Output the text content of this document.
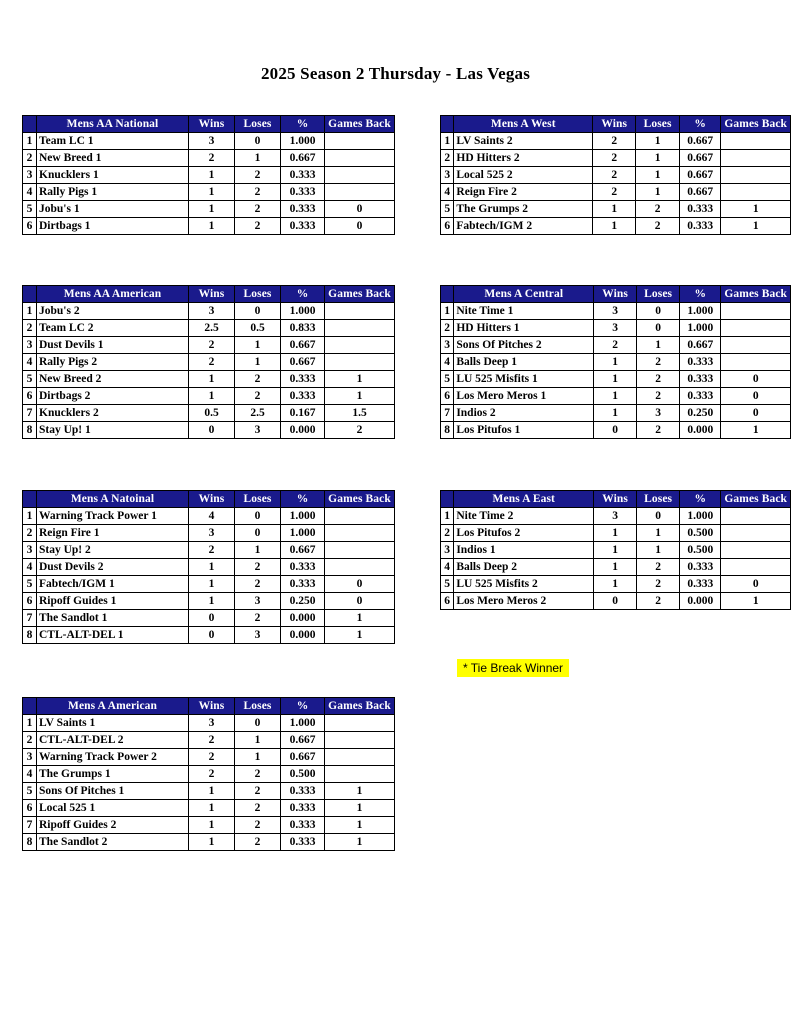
2025 Season 2 Thursday - Las Vegas
	Mens AA National	Wins	Loses	%	Games Back
1	Team LC 1	3	0	1.000	
2	New Breed 1	2	1	0.667	
3	Knucklers 1	1	2	0.333	
4	Rally Pigs 1	1	2	0.333	
5	Jobu's 1	1	2	0.333	0
6	Dirtbags 1	1	2	0.333	0
	Mens AA American	Wins	Loses	%	Games Back
1	Jobu's 2	3	0	1.000	
2	Team LC 2	2.5	0.5	0.833	
3	Dust Devils 1	2	1	0.667	
4	Rally Pigs 2	2	1	0.667	
5	New Breed 2	1	2	0.333	1
6	Dirtbags 2	1	2	0.333	1
7	Knucklers 2	0.5	2.5	0.167	1.5
8	Stay Up! 1	0	3	0.000	2
	Mens A Natoinal	Wins	Loses	%	Games Back
1	Warning Track Power 1	4	0	1.000	
2	Reign Fire 1	3	0	1.000	
3	Stay Up! 2	2	1	0.667	
4	Dust Devils 2	1	2	0.333	
5	Fabtech/IGM 1	1	2	0.333	0
6	Ripoff Guides 1	1	3	0.250	0
7	The Sandlot 1	0	2	0.000	1
8	CTL-ALT-DEL 1	0	3	0.000	1
	Mens A American	Wins	Loses	%	Games Back
1	LV Saints 1	3	0	1.000	
2	CTL-ALT-DEL 2	2	1	0.667	
3	Warning Track Power 2	2	1	0.667	
4	The Grumps 1	2	2	0.500	
5	Sons Of Pitches 1	1	2	0.333	1
6	Local 525 1	1	2	0.333	1
7	Ripoff Guides 2	1	2	0.333	1
8	The Sandlot 2	1	2	0.333	1
	Mens A West	Wins	Loses	%	Games Back
1	LV Saints 2	2	1	0.667	
2	HD Hitters 2	2	1	0.667	
3	Local 525 2	2	1	0.667	
4	Reign Fire 2	2	1	0.667	
5	The Grumps 2	1	2	0.333	1
6	Fabtech/IGM 2	1	2	0.333	1
	Mens A Central	Wins	Loses	%	Games Back
1	Nite Time 1	3	0	1.000	
2	HD Hitters 1	3	0	1.000	
3	Sons Of Pitches 2	2	1	0.667	
4	Balls Deep 1	1	2	0.333	
5	LU 525 Misfits 1	1	2	0.333	0
6	Los Mero Meros 1	1	2	0.333	0
7	Indios 2	1	3	0.250	0
8	Los Pitufos 1	0	2	0.000	1
	Mens A East	Wins	Loses	%	Games Back
1	Nite Time 2	3	0	1.000	
2	Los Pitufos 2	1	1	0.500	
3	Indios 1	1	1	0.500	
4	Balls Deep 2	1	2	0.333	
5	LU 525 Misfits 2	1	2	0.333	0
6	Los Mero Meros 2	0	2	0.000	1
* Tie Break Winner
